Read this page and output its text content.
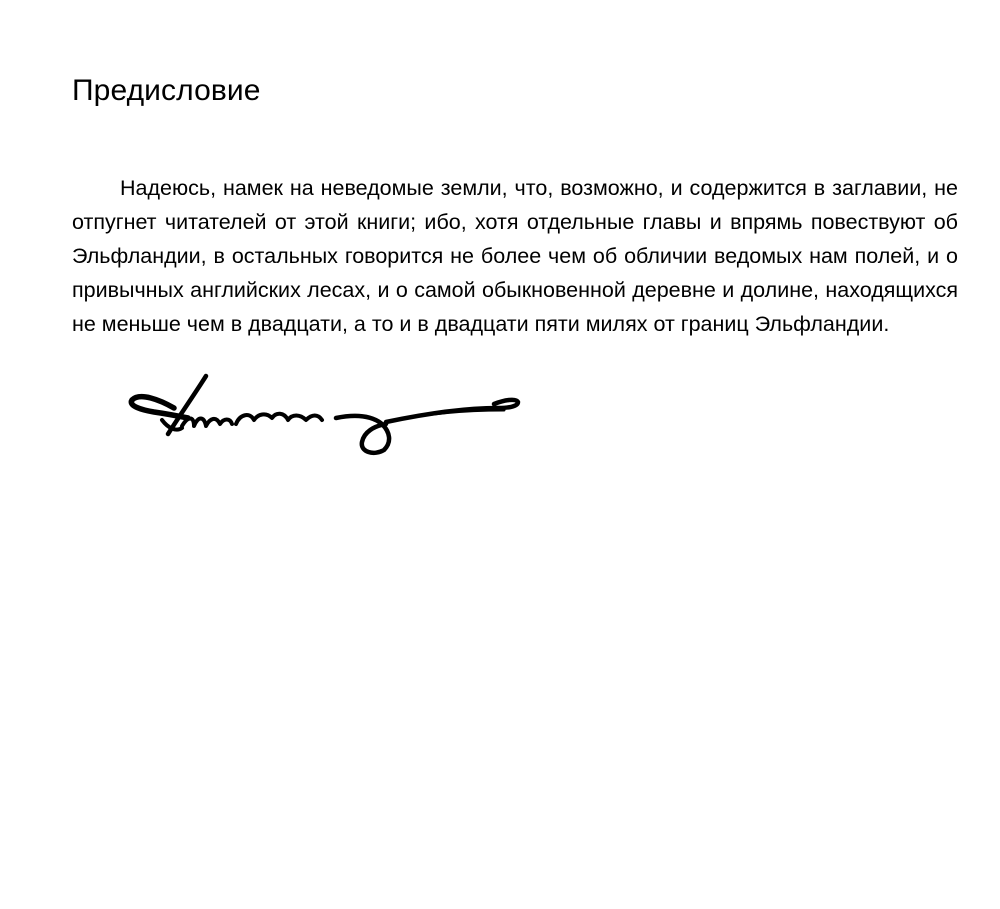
Предисловие

Надеюсь, намек на неведомые земли, что, возможно, и содержится в заглавии, не отпугнет читателей от этой книги; ибо, хотя отдельные главы и впрямь повествуют об Эльфландии, в остальных говорится не более чем об обличии ведомых нам полей, и о привычных английских лесах, и о самой обыкновенной деревне и долине, находящихся не меньше чем в двадцати, а то и в двадцати пяти милях от границ Эльфландии.
